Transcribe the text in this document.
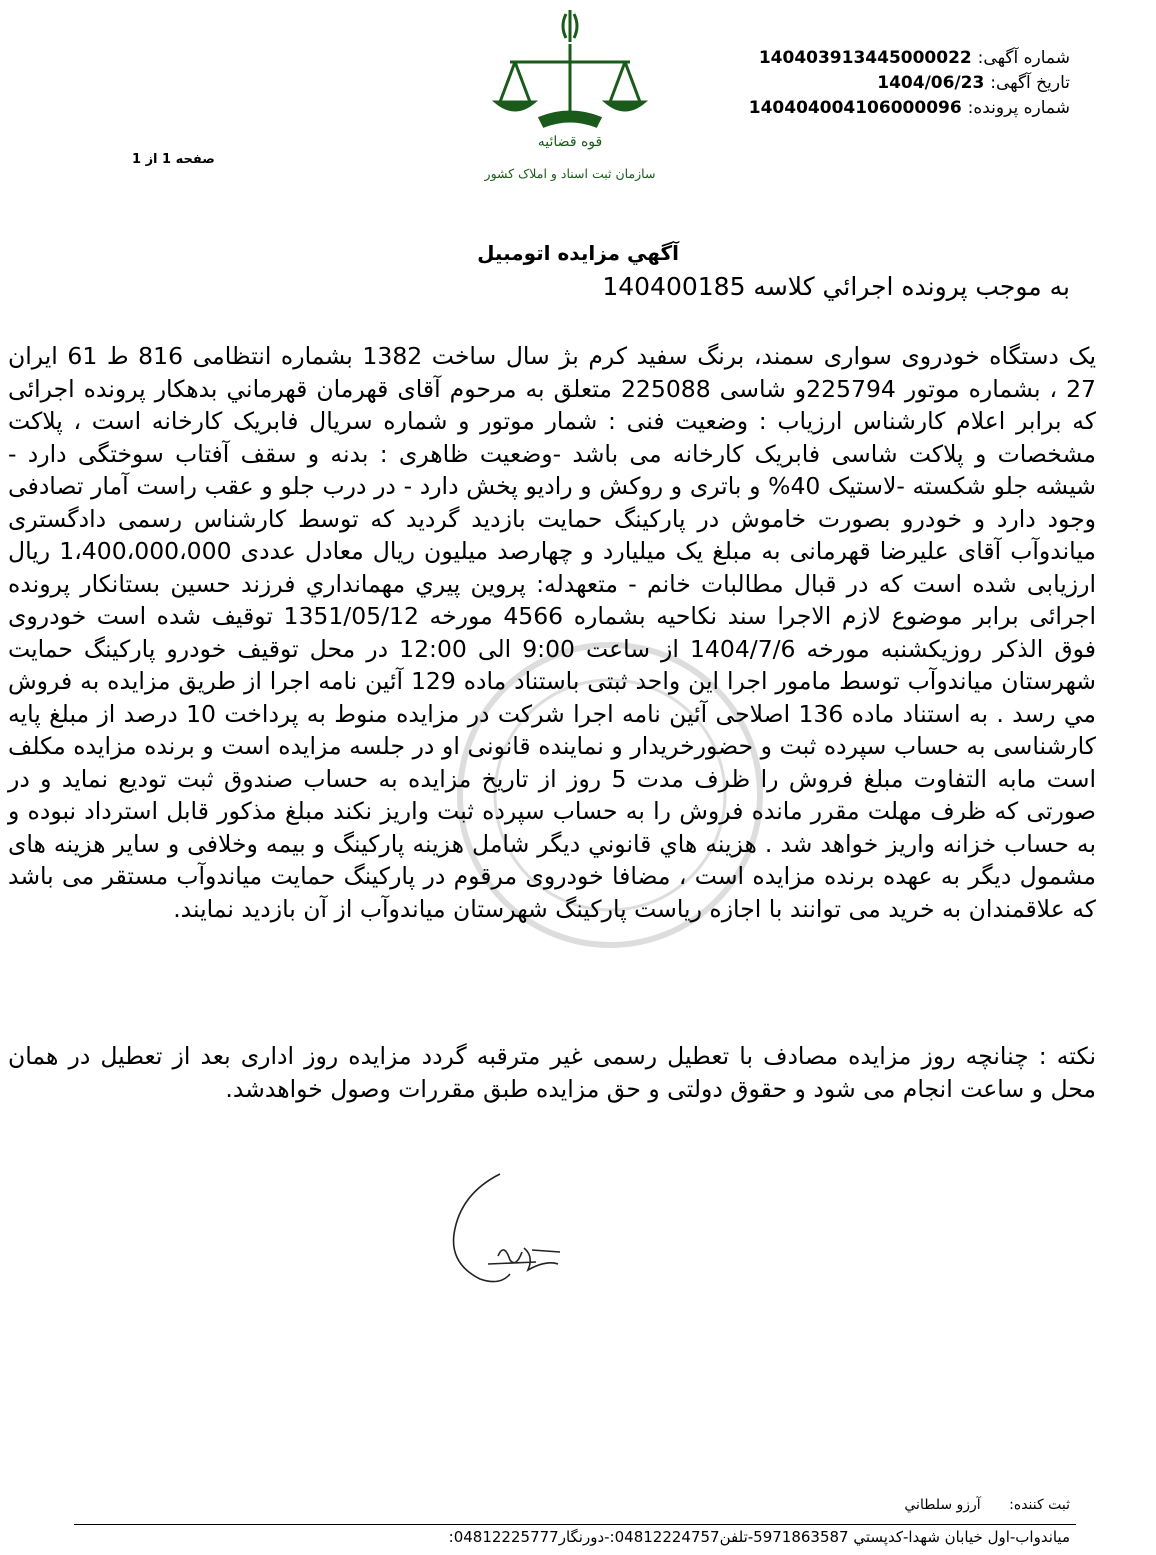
شماره آگهی: 140403913445000022
تاریخ آگهی: 1404/06/23
شماره پرونده: 140404004106000096
صفحه 1 از 1
قوه قضائیه
سازمان ثبت اسناد و املاک کشور
آگهي مزايده اتومبيل
به موجب پرونده اجرائي كلاسه 140400185

یک دستگاه خودروی سواری سمند، برنگ سفید کرم بژ سال ساخت 1382 بشماره انتظامی 816 ط 61 ایران 27 ، بشماره موتور 225794و شاسی 225088 متعلق به مرحوم آقای قهرمان قهرماني بدهکار پرونده اجرائی که برابر اعلام کارشناس ارزیاب : وضعیت فنی : شمار موتور و شماره سریال فابریک کارخانه است ، پلاکت مشخصات و پلاکت شاسی فابریک کارخانه می باشد -وضعیت ظاهری : بدنه و سقف آفتاب سوختگی دارد - شیشه جلو شکسته -لاستیک 40% و باتری و روکش و رادیو پخش دارد - در درب جلو و عقب راست آمار تصادفی وجود دارد و خودرو بصورت خاموش در پارکینگ حمایت بازدید گردید که توسط کارشناس رسمی دادگستری میاندوآب آقای علیرضا قهرمانی به مبلغ یک میلیارد و چهارصد میلیون ریال معادل عددی 1،400،000،000 ریال ارزیابی شده است که در قبال مطالبات خانم - متعهدله: پروین پيري مهمانداري فرزند حسين بستانكار پرونده اجرائی برابر موضوع لازم الاجرا سند نكاحيه بشماره 4566 مورخه 1351/05/12 توقیف شده است خودروی فوق الذکر روزیکشنبه مورخه 1404/7/6 از ساعت 9:00 الی 12:00 در محل توقیف خودرو پارکینگ حمایت شهرستان میاندوآب توسط مامور اجرا این واحد ثبتی باستناد ماده 129 آئین نامه اجرا از طريق مزايده به فروش مي رسد . به استناد ماده 136 اصلاحی آئین نامه اجرا شرکت در مزایده منوط به پرداخت 10 درصد از مبلغ پایه کارشناسی به حساب سپرده ثبت و حضورخریدار و نماینده قانونی او در جلسه مزایده است و برنده مزایده مکلف است مابه التفاوت مبلغ فروش را ظرف مدت 5 روز از تاریخ مزایده به حساب صندوق ثبت تودیع نماید و در صورتی که ظرف مهلت مقرر مانده فروش را به حساب سپرده ثبت واریز نکند مبلغ مذکور قابل استرداد نبوده و به حساب خزانه واریز خواهد شد . هزينه هاي قانوني ديگر شامل هزینه پارکینگ و بیمه وخلافی و سایر هزینه های مشمول دیگر به عهده برنده مزایده است ، مضافا خودروی مرقوم در پارکینگ حمایت میاندوآب مستقر می باشد که علاقمندان به خرید می توانند با اجازه ریاست پارکینگ شهرستان میاندوآب از آن بازدید نمایند.

نکته : چنانچه روز مزایده مصادف با تعطیل رسمی غیر مترقبه گردد مزایده روز اداری بعد از تعطیل در همان محل و ساعت انجام می شود و حقوق دولتی و حق مزایده طبق مقررات وصول خواهدشد.

ثبت كننده: آرزو سلطاني
میاندواب-اول خیابان شهدا-کدپستي 5971863587-تلفن04812224757:-دورنگار04812225777:
